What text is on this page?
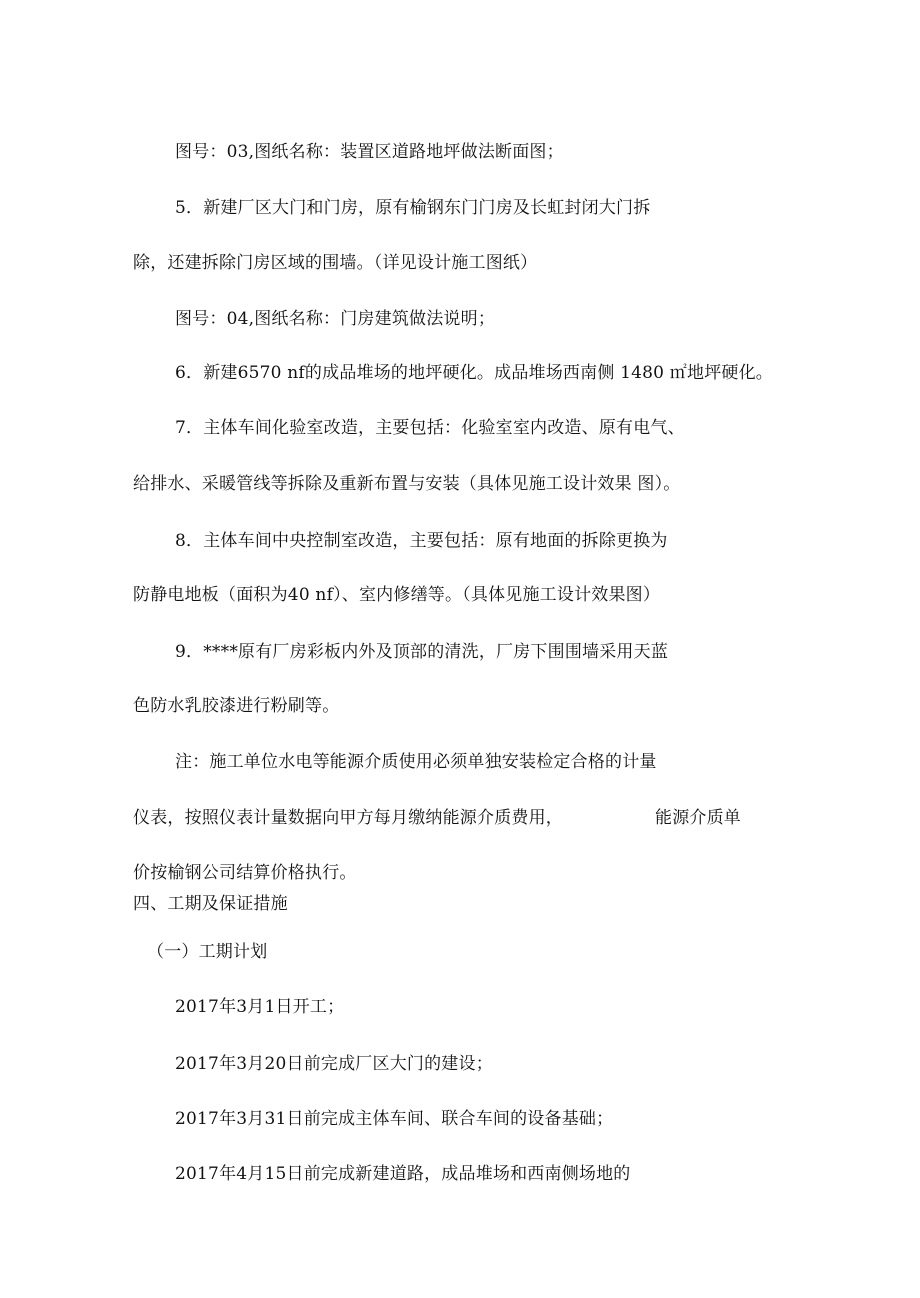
图号：03,图纸名称：装置区道路地坪做法断面图；
5．新建厂区大门和门房，原有榆钢东门门房及长虹封闭大门拆
除，还建拆除门房区域的围墙。（详见设计施工图纸）
图号：04,图纸名称：门房建筑做法说明；
6．新建6570 nf的成品堆场的地坪硬化。成品堆场西南侧 1480 ㎡地坪硬化。
7．主体车间化验室改造，主要包括：化验室室内改造、原有电气、
给排水、采暖管线等拆除及重新布置与安装（具体见施工设计效果 图）。
8．主体车间中央控制室改造，主要包括：原有地面的拆除更换为
防静电地板（面积为40 nf）、室内修缮等。（具体见施工设计效果图）
9．****原有厂房彩板内外及顶部的清洗，厂房下围围墙采用天蓝
色防水乳胶漆进行粉刷等。
注：施工单位水电等能源介质使用必须单独安装检定合格的计量
仪表，按照仪表计量数据向甲方每月缴纳能源介质费用，	能源介质单
价按榆钢公司结算价格执行。
四、工期及保证措施
（一）工期计划
2017年3月1日开工；
2017年3月20日前完成厂区大门的建设；
2017年3月31日前完成主体车间、联合车间的设备基础；
2017年4月15日前完成新建道路，成品堆场和西南侧场地的
